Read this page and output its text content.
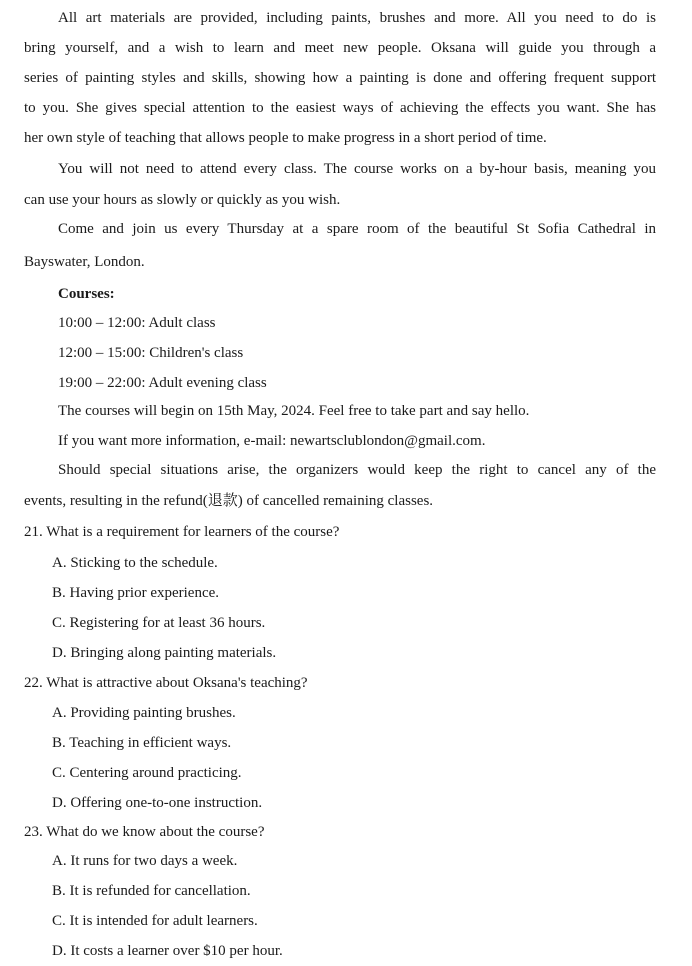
All art materials are provided, including paints, brushes and more. All you need to do is
bring yourself, and a wish to learn and meet new people. Oksana will guide you through a
series of painting styles and skills, showing how a painting is done and offering frequent support
to you. She gives special attention to the easiest ways of achieving the effects you want. She has
her own style of teaching that allows people to make progress in a short period of time.
You will not need to attend every class. The course works on a by-hour basis, meaning you
can use your hours as slowly or quickly as you wish.
Come and join us every Thursday at a spare room of the beautiful St Sofia Cathedral in
Bayswater, London.
Courses:
10:00 – 12:00: Adult class
12:00 – 15:00: Children's class
19:00 – 22:00: Adult evening class
The courses will begin on 15th May, 2024. Feel free to take part and say hello.
If you want more information, e-mail: newartsclublondon@gmail.com.
Should special situations arise, the organizers would keep the right to cancel any of the
events, resulting in the refund(退款) of cancelled remaining classes.
21. What is a requirement for learners of the course?
A. Sticking to the schedule.
B. Having prior experience.
C. Registering for at least 36 hours.
D. Bringing along painting materials.
22. What is attractive about Oksana's teaching?
A. Providing painting brushes.
B. Teaching in efficient ways.
C. Centering around practicing.
D. Offering one-to-one instruction.
23. What do we know about the course?
A. It runs for two days a week.
B. It is refunded for cancellation.
C. It is intended for adult learners.
D. It costs a learner over $10 per hour.
